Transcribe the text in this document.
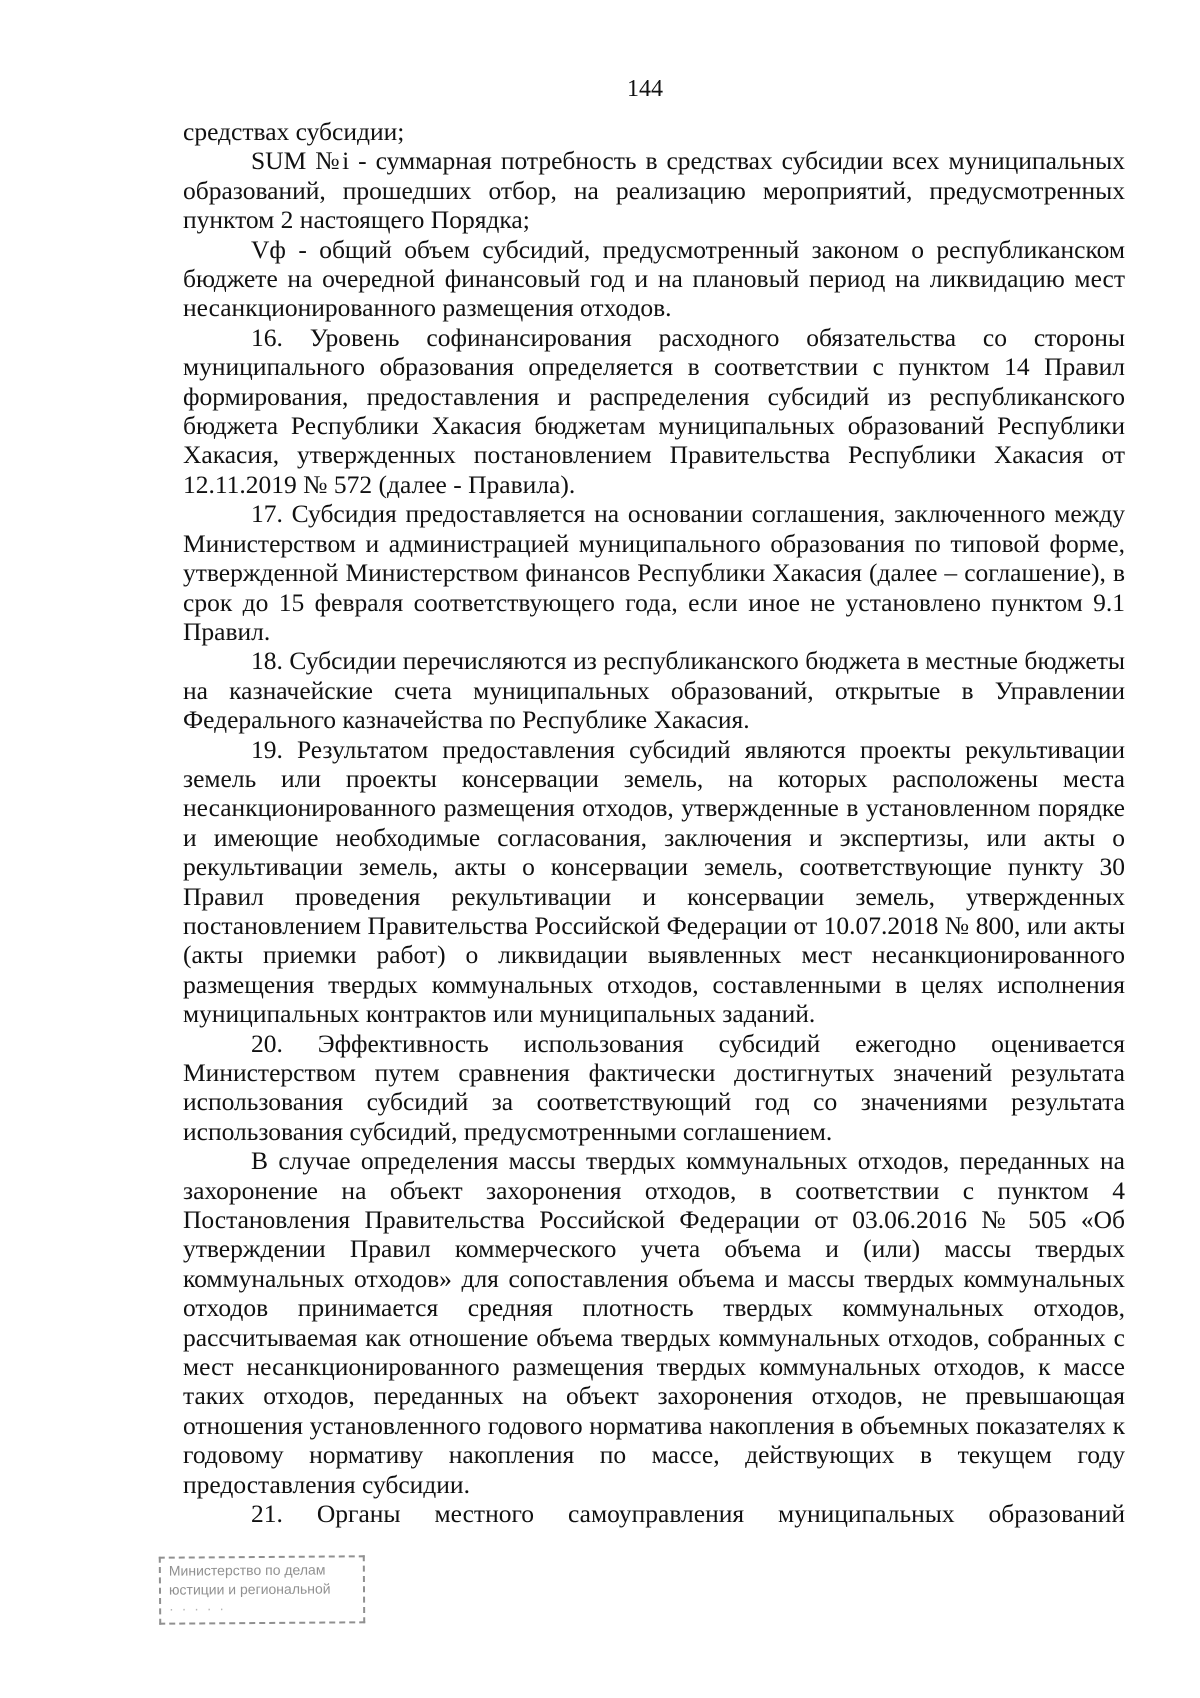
144

средствах субсидии;

SUM №i - суммарная потребность в средствах субсидии всех муниципальных образований, прошедших отбор, на реализацию мероприятий, предусмотренных пунктом 2 настоящего Порядка;

Vф - общий объем субсидий, предусмотренный законом о республиканском бюджете на очередной финансовый год и на плановый период на ликвидацию мест несанкционированного размещения отходов.

16. Уровень софинансирования расходного обязательства со стороны муниципального образования определяется в соответствии с пунктом 14 Правил формирования, предоставления и распределения субсидий из республиканского бюджета Республики Хакасия бюджетам муниципальных образований Республики Хакасия, утвержденных постановлением Правительства Республики Хакасия от 12.11.2019 № 572 (далее - Правила).

17. Субсидия предоставляется на основании соглашения, заключенного между Министерством и администрацией муниципального образования по типовой форме, утвержденной Министерством финансов Республики Хакасия (далее – соглашение), в срок до 15 февраля соответствующего года, если иное не установлено пунктом 9.1 Правил.

18. Субсидии перечисляются из республиканского бюджета в местные бюджеты на казначейские счета муниципальных образований, открытые в Управлении Федерального казначейства по Республике Хакасия.

19. Результатом предоставления субсидий являются проекты рекультивации земель или проекты консервации земель, на которых расположены места несанкционированного размещения отходов, утвержденные в установленном порядке и имеющие необходимые согласования, заключения и экспертизы, или акты о рекультивации земель, акты о консервации земель, соответствующие пункту 30 Правил проведения рекультивации и консервации земель, утвержденных постановлением Правительства Российской Федерации от 10.07.2018 № 800, или акты (акты приемки работ) о ликвидации выявленных мест несанкционированного размещения твердых коммунальных отходов, составленными в целях исполнения муниципальных контрактов или муниципальных заданий.

20. Эффективность использования субсидий ежегодно оценивается Министерством путем сравнения фактически достигнутых значений результата использования субсидий за соответствующий год со значениями результата использования субсидий, предусмотренными соглашением.

В случае определения массы твердых коммунальных отходов, переданных на захоронение на объект захоронения отходов, в соответствии с пунктом 4 Постановления Правительства Российской Федерации от 03.06.2016 № 505 «Об утверждении Правил коммерческого учета объема и (или) массы твердых коммунальных отходов» для сопоставления объема и массы твердых коммунальных отходов принимается средняя плотность твердых коммунальных отходов, рассчитываемая как отношение объема твердых коммунальных отходов, собранных с мест несанкционированного размещения твердых коммунальных отходов, к массе таких отходов, переданных на объект захоронения отходов, не превышающая отношения установленного годового норматива накопления в объемных показателях к годовому нормативу накопления по массе, действующих в текущем году предоставления субсидии.

21. Органы местного самоуправления муниципальных образований

Министерство по делам
юстиции и региональной
· · · · ·
